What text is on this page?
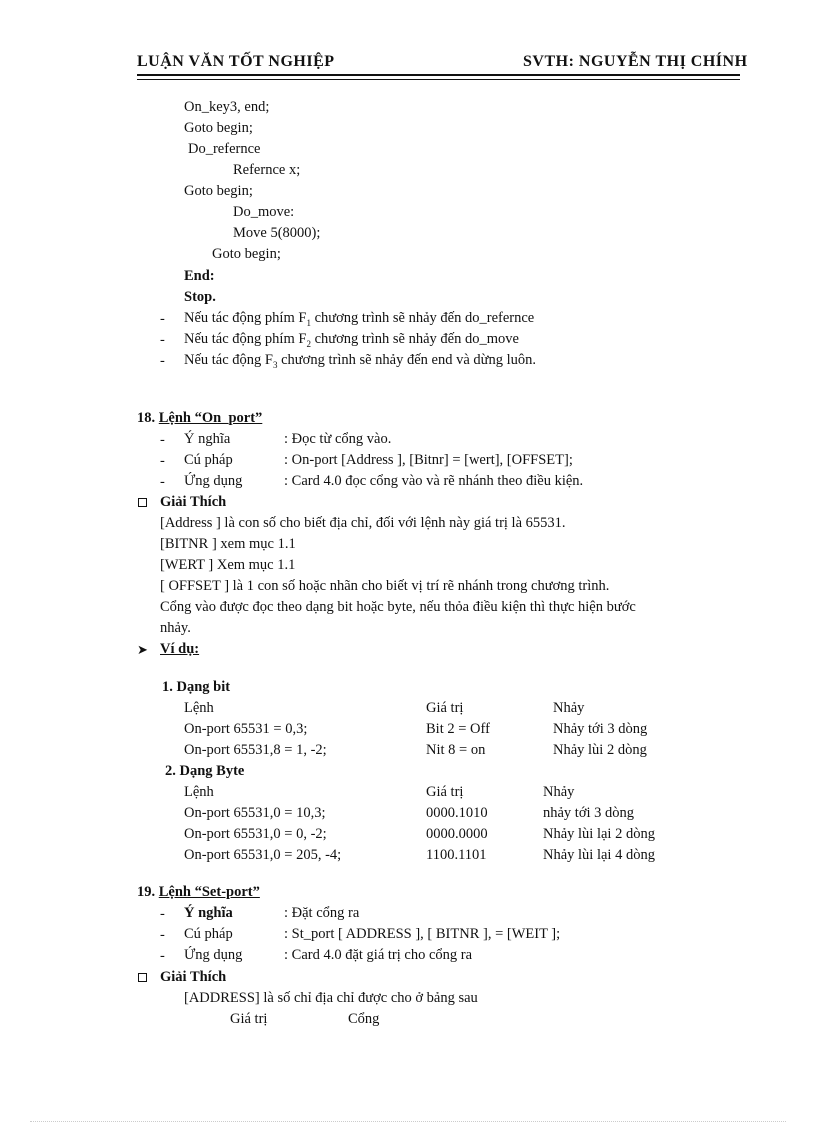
LUẬN VĂN TỐT NGHIỆP	SVTH: NGUYỄN THỊ CHÍNH
On_key3, end;
Goto begin;
Do_refernce
Refernce x;
Goto begin;
Do_move:
Move 5(8000);
Goto begin;
End:
Stop.
- Nếu tác động phím $F_1$ chương trình sẽ nhảy đến do_refernce
- Nếu tác động phím $F_2$ chương trình sẽ nhảy đến do_move
- Nếu tác động $F_3$ chương trình sẽ nhảy đến end và dừng luôn.
18. Lệnh “On_port”
- Ý nghĩa	: Đọc từ cổng vào.
- Cú pháp	: On-port [Address ], [Bitnr] = [wert], [OFFSET];
- Ứng dụng	: Card 4.0 đọc cổng vào và rẽ nhánh theo điều kiện.
Giải Thích
[Address ] là con số cho biết địa chỉ, đối với lệnh này giá trị là 65531.
[BITNR ] xem mục 1.1
[WERT ] Xem mục 1.1
[ OFFSET ] là 1 con số hoặc nhãn cho biết vị trí rẽ nhánh trong chương trình.
Cổng vào được đọc theo dạng bit hoặc byte, nếu thỏa điều kiện thì thực hiện bước
nhảy.
➤ Ví dụ:
1. Dạng bit
Lệnh	Giá trị	Nhảy
On-port 65531 = 0,3;	Bit 2 = Off	Nhảy tới 3 dòng
On-port 65531,8 = 1, -2;	Nit 8 = on	Nhảy lùi 2 dòng
2. Dạng Byte
Lệnh	Giá trị	Nhảy
On-port 65531,0 = 10,3;	0000.1010	nhảy tới 3 dòng
On-port 65531,0 = 0, -2;	0000.0000	Nhảy lùi lại 2 dòng
On-port 65531,0 = 205, -4;	1100.1101	Nhảy lùi lại 4 dòng
19. Lệnh “Set-port”
- Ý nghĩa	: Đặt cổng ra
- Cú pháp	: St_port [ ADDRESS ], [ BITNR ], = [WEIT ];
- Ứng dụng	: Card 4.0 đặt giá trị cho cổng ra
Giải Thích
[ADDRESS] là số chỉ địa chỉ được cho ở bảng sau
Giá trị	Cổng
